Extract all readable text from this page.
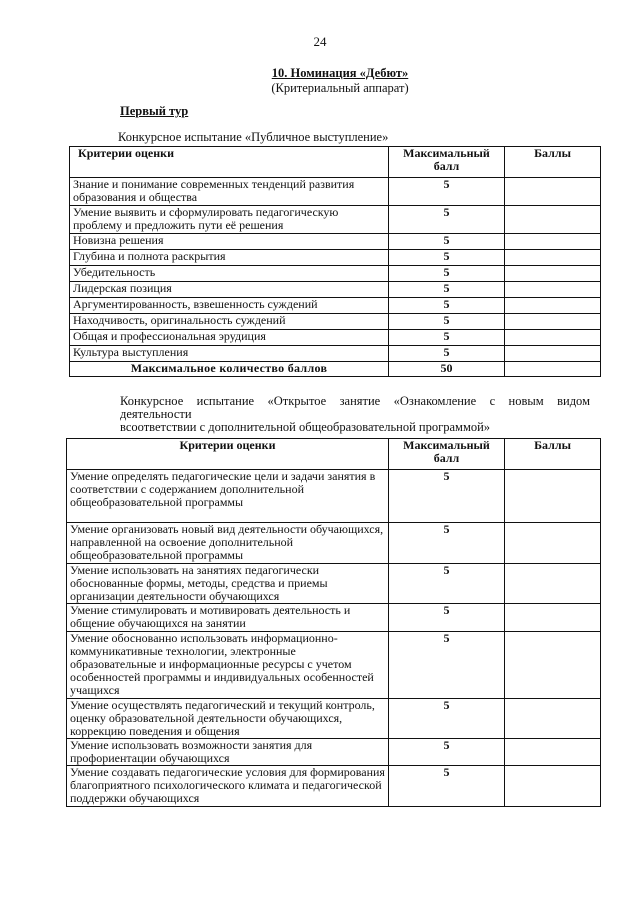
24
10. Номинация «Дебют»
(Критериальный аппарат)
Первый тур
Конкурсное испытание «Публичное выступление»
Критерии оценки	Максимальный балл	Баллы
Знание и понимание современных тенденций развития образования и общества	5	
Умение выявить и сформулировать педагогическую проблему и предложить пути её решения	5	
Новизна решения	5	
Глубина и полнота раскрытия	5	
Убедительность	5	
Лидерская позиция	5	
Аргументированность, взвешенность суждений	5	
Находчивость, оригинальность суждений	5	
Общая и профессиональная эрудиция	5	
Культура выступления	5	
Максимальное количество баллов	50	
Конкурсное испытание «Открытое занятие «Ознакомление с новым видом
деятельности
всоответствии с дополнительной общеобразовательной программой»
Критерии оценки	Максимальный балл	Баллы
Умение определять педагогические цели и задачи занятия в соответствии с содержанием дополнительной общеобразовательной программы	5	
Умение организовать новый вид деятельности обучающихся, направленной на освоение дополнительной общеобразовательной программы	5	
Умение использовать на занятиях педагогически обоснованные формы, методы, средства и приемы организации деятельности обучающихся	5	
Умение стимулировать и мотивировать деятельность и общение обучающихся на занятии	5	
Умение обоснованно использовать информационно-коммуникативные технологии, электронные образовательные и информационные ресурсы с учетом особенностей программы и индивидуальных особенностей учащихся	5	
Умение осуществлять педагогический и текущий контроль, оценку образовательной деятельности обучающихся, коррекцию поведения и общения	5	
Умение использовать возможности занятия для профориентации обучающихся	5	
Умение создавать педагогические условия для формирования благоприятного психологического климата и педагогической поддержки обучающихся	5	
